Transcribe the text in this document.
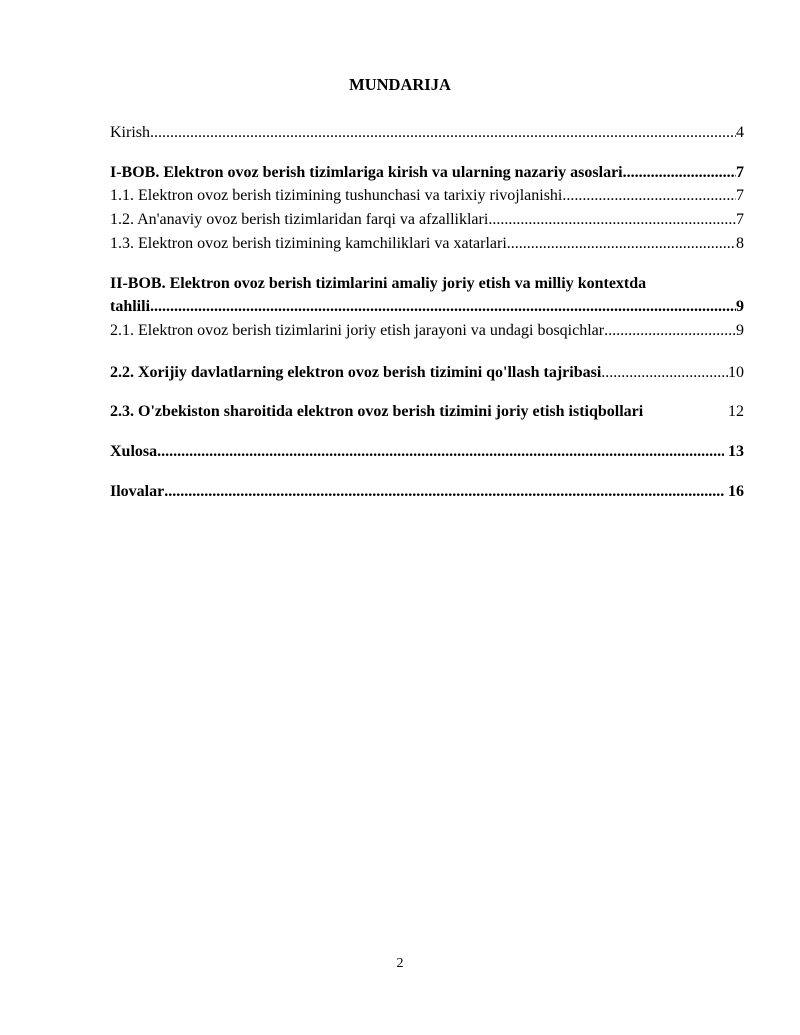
MUNDARIJA
Kirish .....	4
I-BOB. Elektron ovoz berish tizimlariga kirish va ularning nazariy asoslari .....	7
1.1. Elektron ovoz berish tizimining tushunchasi va tarixiy rivojlanishi .....	7
1.2. An'anaviy ovoz berish tizimlaridan farqi va afzalliklari .....	7
1.3. Elektron ovoz berish tizimining kamchiliklari va xatarlari .....	8
II-BOB. Elektron ovoz berish tizimlarini amaliy joriy etish va milliy kontextda
tahlili .....	9
2.1. Elektron ovoz berish tizimlarini joriy etish jarayoni va undagi bosqichlar .....	9
2.2. Xorijiy davlatlarning elektron ovoz berish tizimini qo'llash tajribasi .....	10
2.3. O'zbekiston sharoitida elektron ovoz berish tizimini joriy etish istiqbollari	12
Xulosa .....	13
Ilovalar .....	16
2
